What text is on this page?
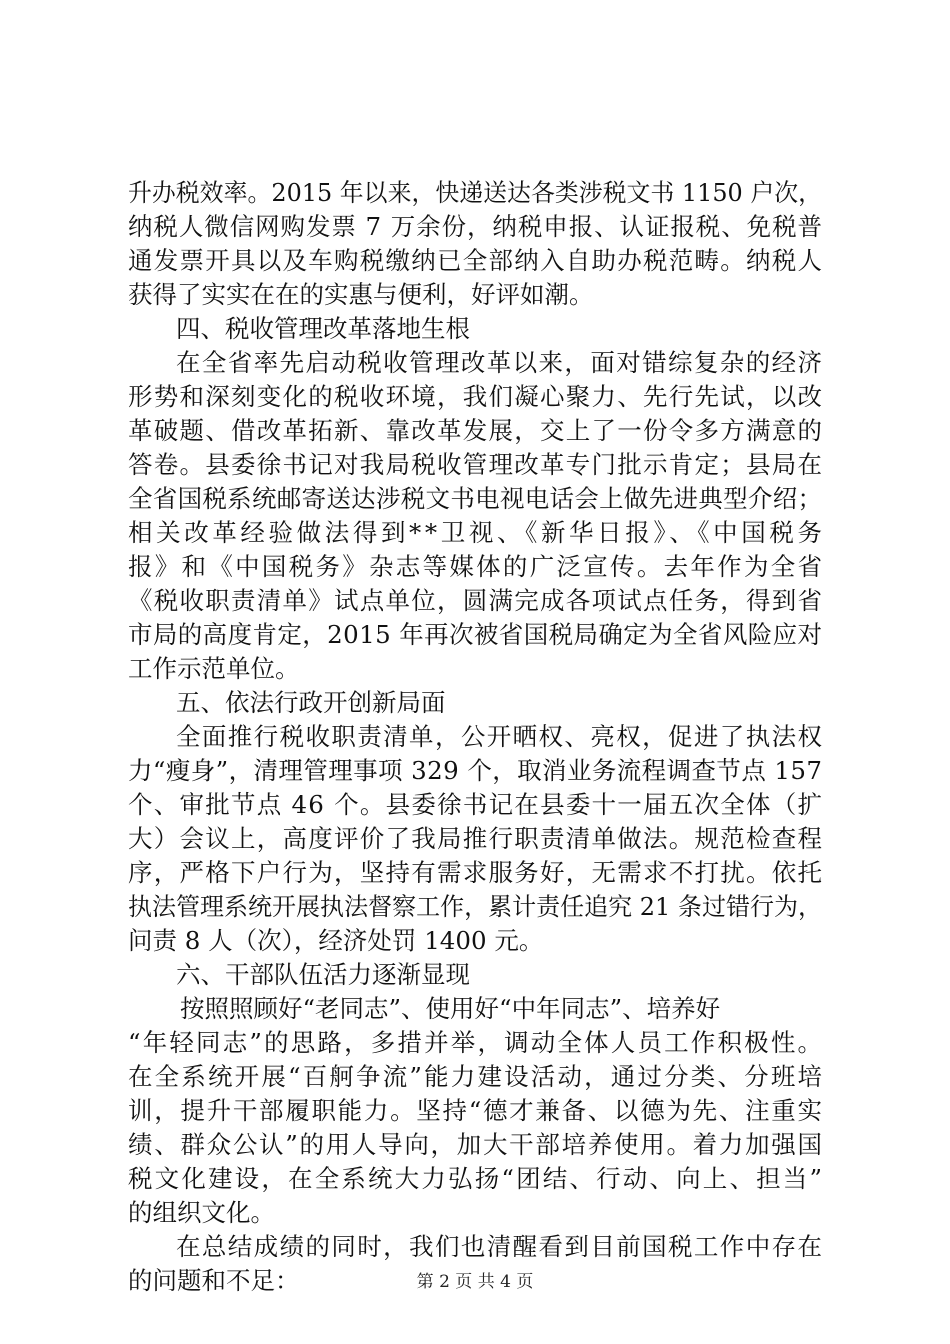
升办税效率。2015 年以来，快递送达各类涉税文书 1150 户次，
纳税人微信网购发票 7 万余份，纳税申报、认证报税、免税普
通发票开具以及车购税缴纳已全部纳入自助办税范畴。纳税人
获得了实实在在的实惠与便利，好评如潮。
四、税收管理改革落地生根
在全省率先启动税收管理改革以来，面对错综复杂的经济
形势和深刻变化的税收环境，我们凝心聚力、先行先试，以改
革破题、借改革拓新、靠改革发展，交上了一份令多方满意的
答卷。县委徐书记对我局税收管理改革专门批示肯定；县局在
全省国税系统邮寄送达涉税文书电视电话会上做先进典型介绍；
相关改革经验做法得到**卫视、《新华日报》、《中国税务
报》和《中国税务》杂志等媒体的广泛宣传。去年作为全省
《税收职责清单》试点单位，圆满完成各项试点任务，得到省
市局的高度肯定，2015 年再次被省国税局确定为全省风险应对
工作示范单位。
五、依法行政开创新局面
全面推行税收职责清单，公开晒权、亮权，促进了执法权
力“瘦身”，清理管理事项 329 个，取消业务流程调查节点 157
个、审批节点 46 个。县委徐书记在县委十一届五次全体（扩
大）会议上，高度评价了我局推行职责清单做法。规范检查程
序，严格下户行为，坚持有需求服务好，无需求不打扰。依托
执法管理系统开展执法督察工作，累计责任追究 21 条过错行为，
问责 8 人（次），经济处罚 1400 元。
六、干部队伍活力逐渐显现
按照照顾好“老同志”、使用好“中年同志”、培养好
“年轻同志”的思路，多措并举，调动全体人员工作积极性。
在全系统开展“百舸争流”能力建设活动，通过分类、分班培
训，提升干部履职能力。坚持“德才兼备、以德为先、注重实
绩、群众公认”的用人导向，加大干部培养使用。着力加强国
税文化建设，在全系统大力弘扬“团结、行动、向上、担当”
的组织文化。
在总结成绩的同时，我们也清醒看到目前国税工作中存在
的问题和不足：	第 2 页 共 4 页
